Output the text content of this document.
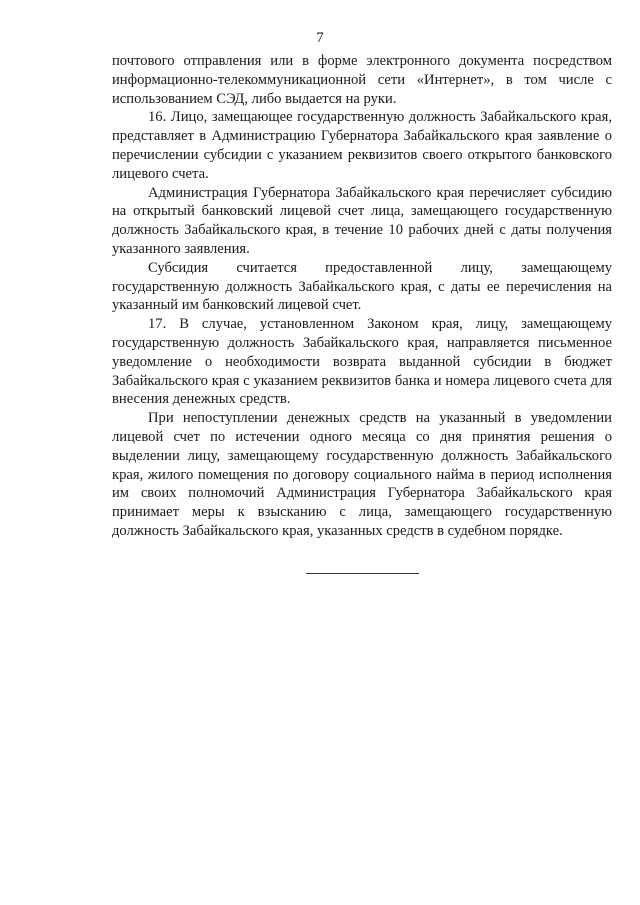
7

почтового отправления или в форме электронного документа посредством информационно-телекоммуникационной сети «Интернет», в том числе с использованием СЭД, либо выдается на руки.

16. Лицо, замещающее государственную должность Забайкальского края, представляет в Администрацию Губернатора Забайкальского края заявление о перечислении субсидии с указанием реквизитов своего открытого банковского лицевого счета.

Администрация Губернатора Забайкальского края перечисляет субсидию на открытый банковский лицевой счет лица, замещающего государственную должность Забайкальского края, в течение 10 рабочих дней с даты получения указанного заявления.

Субсидия считается предоставленной лицу, замещающему государственную должность Забайкальского края, с даты ее перечисления на указанный им банковский лицевой счет.

17. В случае, установленном Законом края, лицу, замещающему государственную должность Забайкальского края, направляется письменное уведомление о необходимости возврата выданной субсидии в бюджет Забайкальского края с указанием реквизитов банка и номера лицевого счета для внесения денежных средств.

При непоступлении денежных средств на указанный в уведомлении лицевой счет по истечении одного месяца со дня принятия решения о выделении лицу, замещающему государственную должность Забайкальского края, жилого помещения по договору социального найма в период исполнения им своих полномочий Администрация Губернатора Забайкальского края принимает меры к взысканию с лица, замещающего государственную должность Забайкальского края, указанных средств в судебном порядке.
